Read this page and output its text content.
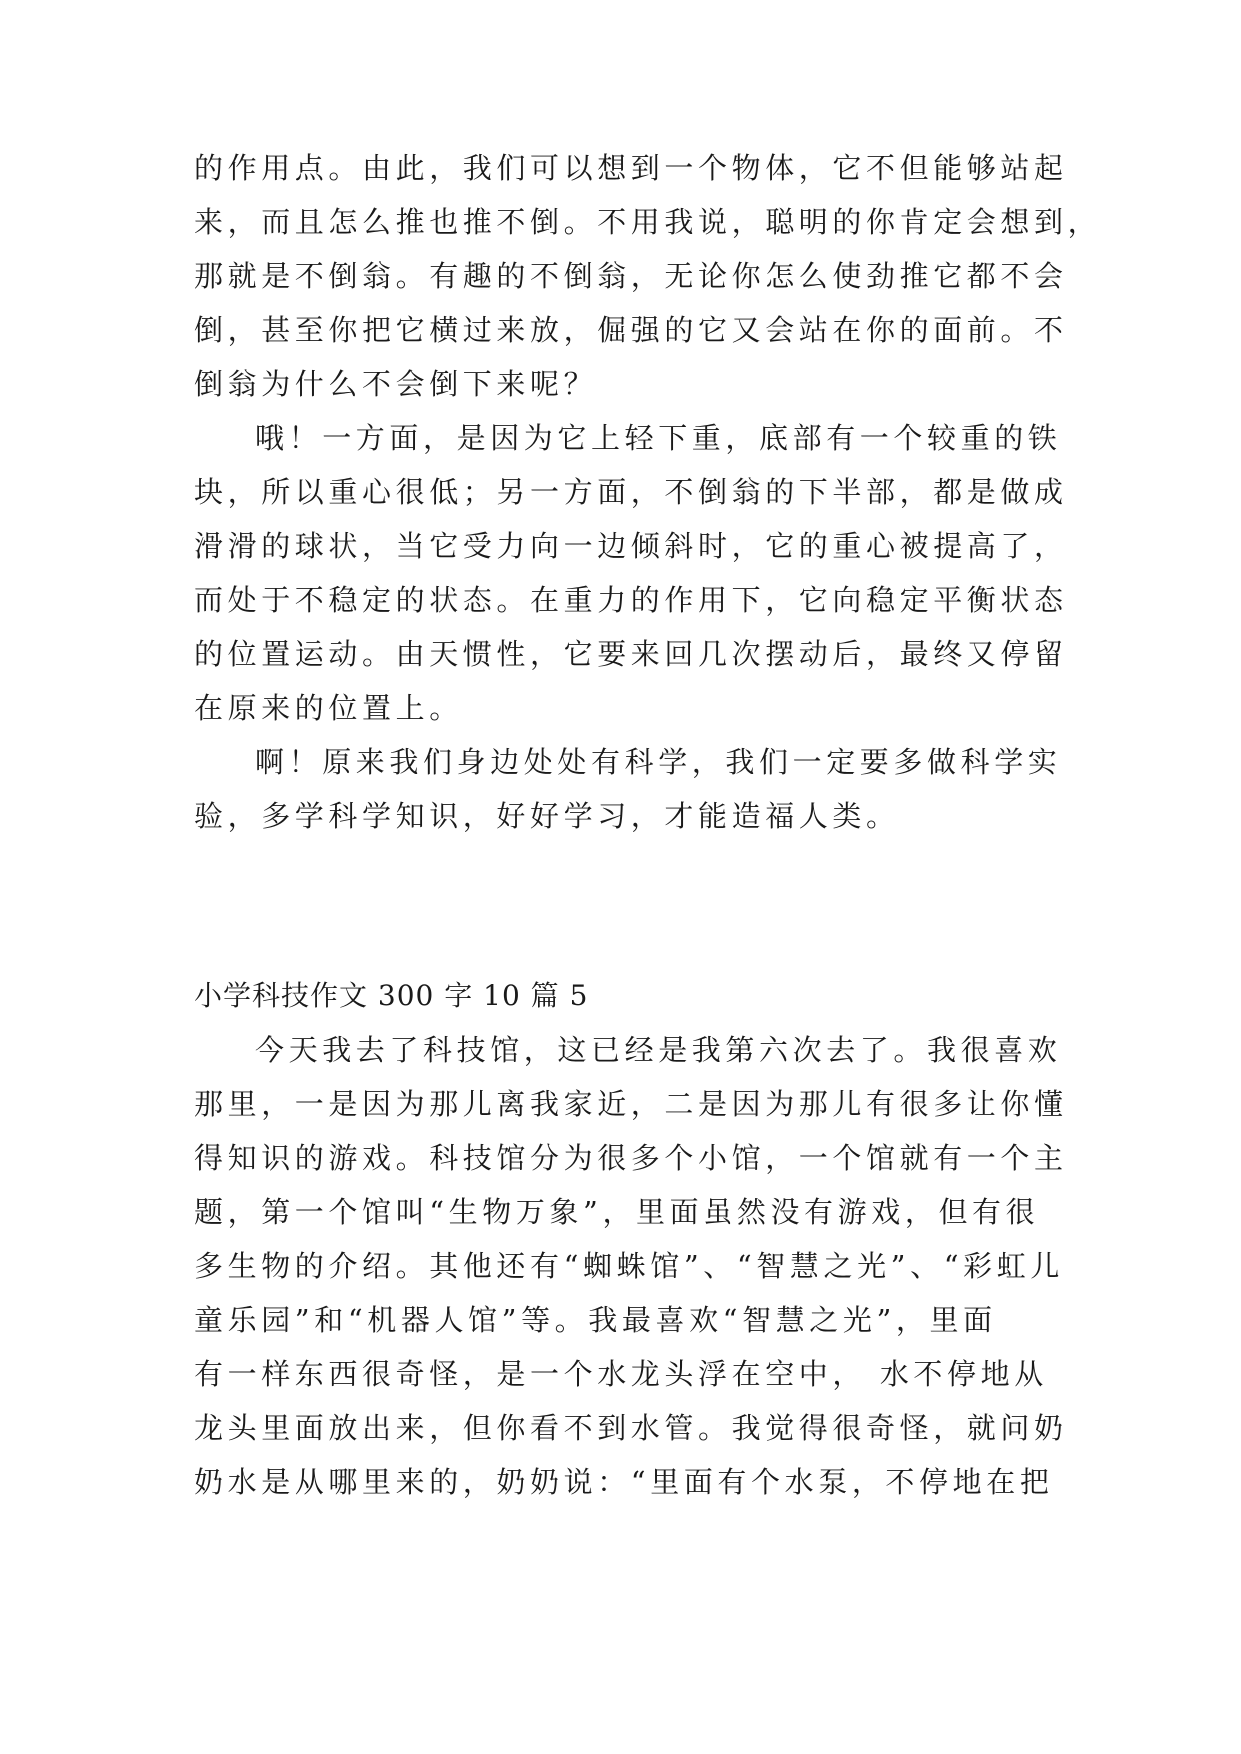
的作用点。由此，我们可以想到一个物体，它不但能够站起
来，而且怎么推也推不倒。不用我说，聪明的你肯定会想到，
那就是不倒翁。有趣的不倒翁，无论你怎么使劲推它都不会
倒，甚至你把它横过来放，倔强的它又会站在你的面前。不
倒翁为什么不会倒下来呢？
哦！一方面，是因为它上轻下重，底部有一个较重的铁
块，所以重心很低；另一方面，不倒翁的下半部，都是做成
滑滑的球状，当它受力向一边倾斜时，它的重心被提高了，
而处于不稳定的状态。在重力的作用下，它向稳定平衡状态
的位置运动。由天惯性，它要来回几次摆动后，最终又停留
在原来的位置上。
啊！原来我们身边处处有科学，我们一定要多做科学实
验，多学科学知识，好好学习，才能造福人类。
小学科技作文 300 字 10 篇 5
今天我去了科技馆，这已经是我第六次去了。我很喜欢
那里，一是因为那儿离我家近，二是因为那儿有很多让你懂
得知识的游戏。科技馆分为很多个小馆，一个馆就有一个主
题，第一个馆叫“生物万象”，里面虽然没有游戏，但有很
多生物的介绍。其他还有“蜘蛛馆”、“智慧之光”、“彩虹儿
童乐园”和“机器人馆”等。我最喜欢“智慧之光”，里面
有一样东西很奇怪，是一个水龙头浮在空中， 水不停地从
龙头里面放出来，但你看不到水管。我觉得很奇怪，就问奶
奶水是从哪里来的，奶奶说：“里面有个水泵，不停地在把
